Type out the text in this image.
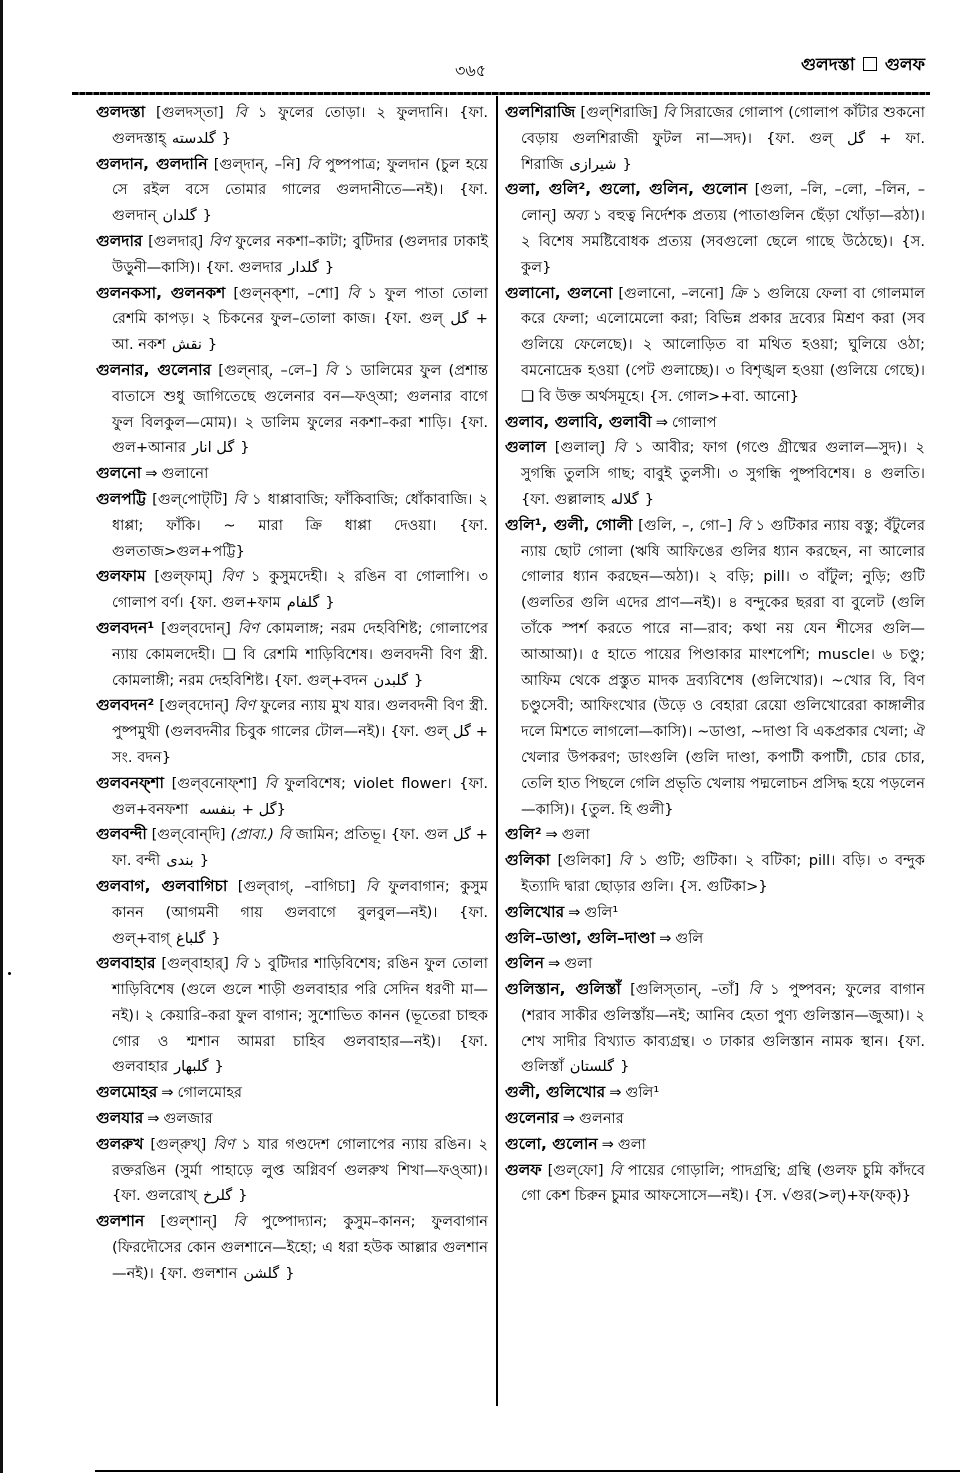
৩৬৫	গুলদস্তা গুলফ

গুলদস্তা [গুলদস্‌তা] বি ১ ফুলের তোড়া। ২ ফুলদানি। {ফা. গুলদস্তাহ্‌گلدسته }

গুলদান, গুলদানি [গুল্‌দান্‌, –নি] বি পুষ্পপাত্র; ফুলদান (চুল হয়ে সে রইল বসে তোমার গালের গুলদানীতে—নই)। {ফা. গুলদান্‌گلدان }

গুলদার [গুলদার্‌] বিণ ফুলের নকশা–কাটা; বুটিদার (গুলদার ঢাকাই উড়ুনী—কাসি)। {ফা. গুলদার گلدار }

গুলনকসা, গুলনকশ [গুল্‌নক্‌শা, –শো] বি ১ ফুল পাতা তোলা রেশমি কাপড়। ২ চিকনের ফুল–তোলা কাজ। {ফা. গুল্‌ گل + আ. নকশ نقش }

গুলনার, গুলেনার [গুল্‌নার্‌, –লে–] বি ১ ডালিমের ফুল (প্রশান্ত বাতাসে শুধু জাগিতেছে গুলেনার বন—ফও্আ; গুলনার বাগে ফুল বিলকুল—মোম)। ২ ডালিম ফুলের নকশা–করা শাড়ি। {ফা. গুল+আনার گل انار }

গুলনো ⇒ গুলানো

গুলপট্টি [গুল্‌পোট্‌টি] বি ১ ধাপ্পাবাজি; ফাঁকিবাজি; ধোঁকাবাজি। ২ ধাপ্পা; ফাঁকি। ~ মারা ক্রি ধাপ্পা দেওয়া। {ফা. গুলতাজ>গুল+পট্টি}

গুলফাম [গুল্‌ফাম্‌] বিণ ১ কুসুমদেহী। ২ রঙিন বা গোলাপি। ৩ গোলাপ বর্ণ। {ফা. গুল+ফাম گلفام }

গুলবদন¹ [গুল্‌বদোন্‌] বিণ কোমলাঙ্গ; নরম দেহবিশিষ্ট; গোলাপের ন্যায় কোমলদেহী। ❑ বি রেশমি শাড়িবিশেষ। গুলবদনী বিণ স্ত্রী. কোমলাঙ্গী; নরম দেহবিশিষ্ট। {ফা. গুল্‌+বদন گلبدن }

গুলবদন² [গুল্‌বদোন্‌] বিণ ফুলের ন্যায় মুখ যার। গুলবদনী বিণ স্ত্রী. পুষ্পমুখী (গুলবদনীর চিবুক গালের টোল—নই)। {ফা. গুল্‌ گل + সং. বদন}

গুলবনফ্‌শা [গুল্‌বনোফ্‌শা] বি ফুলবিশেষ; violet flower। {ফা. গুল+বনফশা گل +بنفسه	}

গুলবন্দী [গুল্‌বোন্‌দি] (প্রাবা.) বি জামিন; প্রতিভূ। {ফা. গুল گل + ফা. বন্দী بندی }

গুলবাগ, গুলবাগিচা [গুল্‌বাগ্‌, –বাগিচা] বি ফুলবাগান; কুসুম কানন (আগমনী গায় গুলবাগে বুলবুল—নই)। {ফা. গুল্‌+বাগ্‌گلباغ }

গুলবাহার [গুল্‌বাহার্‌] বি ১ বুটিদার শাড়িবিশেষ; রঙিন ফুল তোলা শাড়িবিশেষ (গুলে গুলে শাড়ী গুলবাহার পরি সেদিন ধরণী মা—নই)। ২ কেয়ারি–করা ফুল বাগান; সুশোভিত কানন (ভূতেরা চাহুক গোর ও শ্মশান আমরা চাহিব গুলবাহার—নই)। {ফা. গুলবাহার گلبهار }

গুলমোহর ⇒ গোলমোহর

গুলযার ⇒ গুলজার

গুলরুখ [গুল্‌রুখ্‌] বিণ ১ যার গণ্ডদেশ গোলাপের ন্যায় রঙিন। ২ রক্তরঙিন (সুর্মা পাহাড়ে লুপ্ত অগ্নিবর্ণ গুলরুখ শিখা—ফও্আ)। {ফা. গুলরোখ্‌گلرخ }

গুলশান [গুল্‌শান্‌] বি পুষ্পোদ্যান; কুসুম–কানন; ফুলবাগান (ফিরদৌসের কোন গুলশানে—ইহো; এ ধরা হউক আল্লার গুলশান—নই)। {ফা. গুলশান گلشن }

গুলশিরাজি [গুল্‌শিরাজি] বি সিরাজের গোলাপ (গোলাপ কাঁটার শুকনো বেড়ায় গুলশিরাজী ফুটল না—সদ)। {ফা. গুল্‌ گل + ফা. শিরাজি شیرازی }

গুলা, গুলি², গুলো, গুলিন, গুলোন [গুলা, –লি, –লো, –লিন, –লোন্‌] অব্য ১ বহুত্ব নির্দেশক প্রত্যয় (পাতাগুলিন ছেঁড়া খোঁড়া—রঠা)। ২ বিশেষ সমষ্টিবোধক প্রত্যয় (সবগুলো ছেলে গাছে উঠেছে)। {স. কুল}

গুলানো, গুলনো [গুলানো, –লনো] ক্রি ১ গুলিয়ে ফেলা বা গোলমাল করে ফেলা; এলোমেলো করা; বিভিন্ন প্রকার দ্রব্যের মিশ্রণ করা (সব গুলিয়ে ফেলেছে)। ২ আলোড়িত বা মথিত হওয়া; ঘুলিয়ে ওঠা; বমনোদ্রেক হওয়া (পেট গুলাচ্ছে)। ৩ বিশৃঙ্খল হওয়া (গুলিয়ে গেছে)। ❑ বি উক্ত অর্থসমূহে। {স. গোল>+বা. আনো}

গুলাব, গুলাবি, গুলাবী ⇒ গোলাপ

গুলাল [গুলাল্‌] বি ১ আবীর; ফাগ (গণ্ডে গ্রীষ্মের গুলাল—সুদ)। ২ সুগন্ধি তুলসি গাছ; বাবুই তুলসী। ৩ সুগন্ধি পুষ্পবিশেষ। ৪ গুলতি। {ফা. গুল্লালাহ گلاله }

গুলি¹, গুলী, গোলী [গুলি, –, গো–] বি ১ গুটিকার ন্যায় বস্তু; বঁটুলের ন্যায় ছোট গোলা (ঋষি আফিঙের গুলির ধ্যান করছেন, না আলোর গোলার ধ্যান করছেন—অঠা)। ২ বড়ি; pill। ৩ বাঁটুল; নুড়ি; গুটি (গুলতির গুলি এদের প্রাণ—নই)। ৪ বন্দুকের ছররা বা বুলেট (গুলি তাঁকে স্পর্শ করতে পারে না—রাব; কথা নয় যেন শীসের গুলি—আআআ)। ৫ হাতে পায়ের পিণ্ডাকার মাংশপেশি; muscle। ৬ চণ্ডু; আফিম থেকে প্রস্তুত মাদক দ্রব্যবিশেষ (গুলিখোর)। ~খোর বি, বিণ চণ্ডুসেবী; আফিংখোর (উড়ে ও বেহারা রেয়ো গুলিখোরেরা কাঙ্গালীর দলে মিশতে লাগলো—কাসি)। ~ডাণ্ডা, ~দাণ্ডা বি একপ্রকার খেলা; ঐ খেলার উপকরণ; ডাংগুলি (গুলি দাণ্ডা, কপাটী কপাটী, চোর চোর, তেলি হাত পিছলে গেলি প্রভৃতি খেলায় পদ্মলোচন প্রসিদ্ধ হয়ে পড়লেন—কাসি)। {তুল. হি গুলী}

গুলি² ⇒ গুলা

গুলিকা [গুলিকা] বি ১ গুটি; গুটিকা। ২ বটিকা; pill। বড়ি। ৩ বন্দুক ইত্যাদি দ্বারা ছোড়ার গুলি। {স. গুটিকা>}

গুলিখোর ⇒ গুলি¹

গুলি–ডাণ্ডা, গুলি–দাণ্ডা ⇒ গুলি

গুলিন ⇒ গুলা

গুলিস্তান, গুলিস্তাঁ [গুলিস্‌তান্‌, –তাঁ] বি ১ পুষ্পবন; ফুলের বাগান (শরাব সাকীর গুলিস্তাঁয়—নই; আনিব হেতা পুণ্য গুলিস্তান—জুআ)। ২ শেখ সাদীর বিখ্যাত কাব্যগ্রন্থ। ৩ ঢাকার গুলিস্তান নামক স্থান। {ফা. গুলিস্তাঁ گلستان }

গুলী, গুলিখোর ⇒ গুলি¹

গুলেনার ⇒ গুলনার

গুলো, গুলোন ⇒ গুলা

গুলফ [গুল্‌ফো] বি পায়ের গোড়ালি; পাদগ্রন্থি; গ্রন্থি (গুলফ চুমি কাঁদবে গো কেশ চিরুন চুমার আফসোসে—নই)। {স. √গুর(>ল্‌)+ফ(ফক্‌)}
